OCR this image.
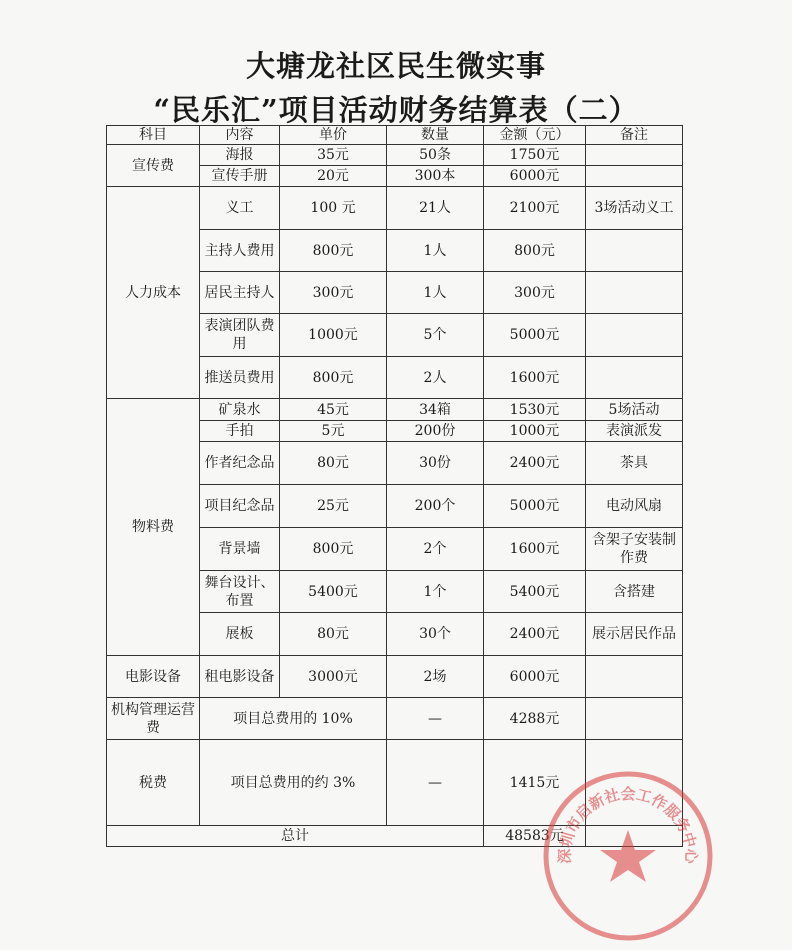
大塘龙社区民生微实事
“民乐汇”项目活动财务结算表（二）
科目	内容	单价	数量	金额（元）	备注
宣传费	海报	35元	50条	1750元	
	宣传手册	20元	300本	6000元	
人力成本	义工	100 元	21人	2100元	3场活动义工
	主持人费用	800元	1人	800元	
	居民主持人	300元	1人	300元	
	表演团队费用	1000元	5个	5000元	
	推送员费用	800元	2人	1600元	
物料费	矿泉水	45元	34箱	1530元	5场活动
	手拍	5元	200份	1000元	表演派发
	作者纪念品	80元	30份	2400元	茶具
	项目纪念品	25元	200个	5000元	电动风扇
	背景墙	800元	2个	1600元	含架子安装制作费
	舞台设计、布置	5400元	1个	5400元	含搭建
	展板	80元	30个	2400元	展示居民作品
电影设备	租电影设备	3000元	2场	6000元	
机构管理运营费	项目总费用的 10%		—	4288元	
税费	项目总费用的约 3%		—	1415元	
总计				48583元	
深圳市启新社会工作服务中心
